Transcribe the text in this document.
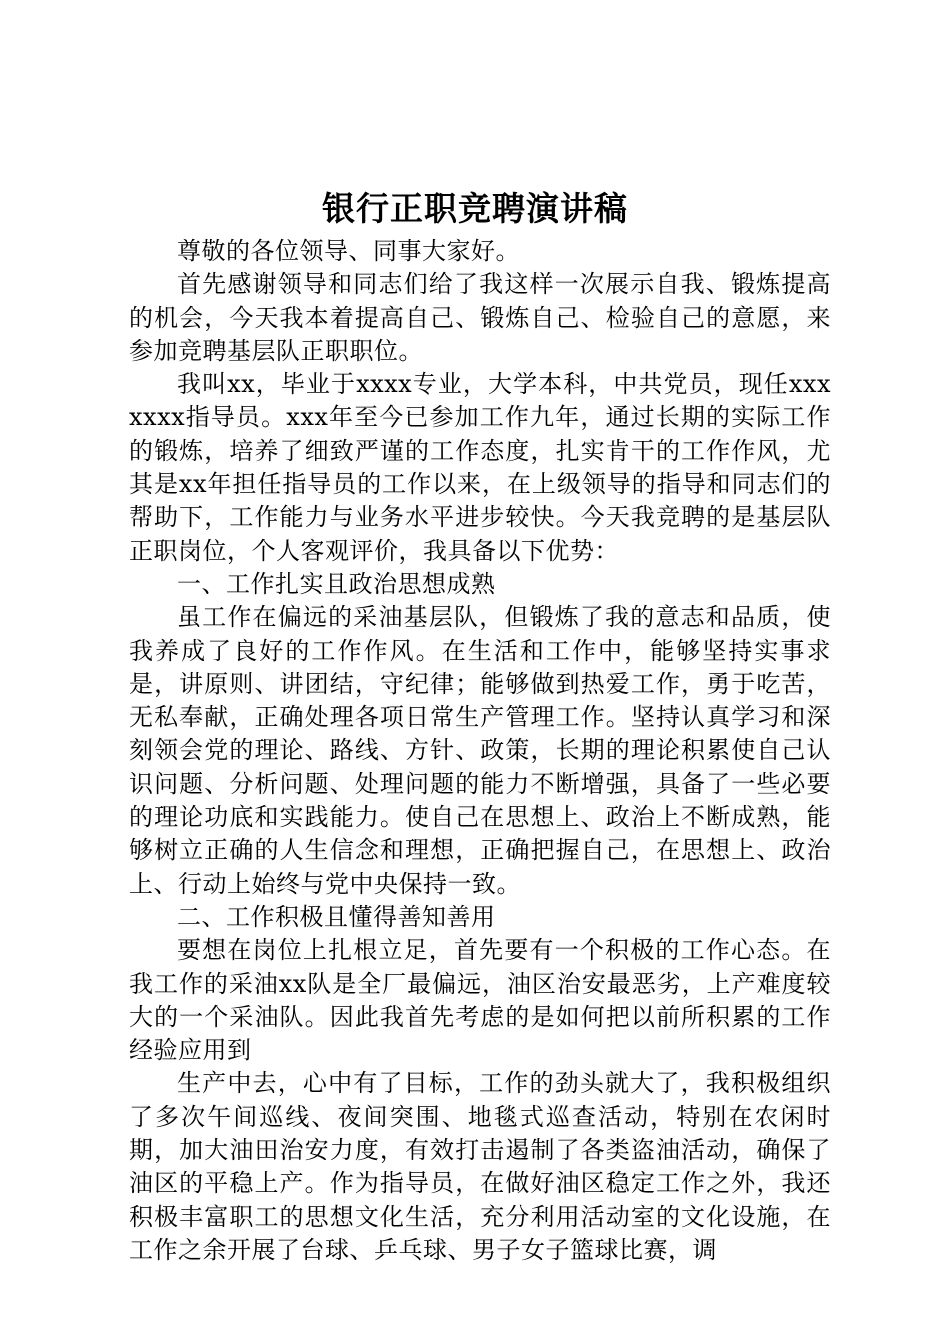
银行正职竞聘演讲稿

尊敬的各位领导、同事大家好。

首先感谢领导和同志们给了我这样一次展示自我、锻炼提高的机会，今天我本着提高自己、锻炼自己、检验自己的意愿，来参加竞聘基层队正职职位。

我叫xx，毕业于xxxx专业，大学本科，中共党员，现任xxxxxxx指导员。xxx年至今已参加工作九年，通过长期的实际工作的锻炼，培养了细致严谨的工作态度，扎实肯干的工作作风，尤其是xx年担任指导员的工作以来，在上级领导的指导和同志们的帮助下，工作能力与业务水平进步较快。今天我竞聘的是基层队正职岗位，个人客观评价，我具备以下优势：

一、工作扎实且政治思想成熟

虽工作在偏远的采油基层队，但锻炼了我的意志和品质，使我养成了良好的工作作风。在生活和工作中，能够坚持实事求是，讲原则、讲团结，守纪律；能够做到热爱工作，勇于吃苦，无私奉献，正确处理各项日常生产管理工作。坚持认真学习和深刻领会党的理论、路线、方针、政策，长期的理论积累使自己认识问题、分析问题、处理问题的能力不断增强，具备了一些必要的理论功底和实践能力。使自己在思想上、政治上不断成熟，能够树立正确的人生信念和理想，正确把握自己，在思想上、政治上、行动上始终与党中央保持一致。

二、工作积极且懂得善知善用

要想在岗位上扎根立足，首先要有一个积极的工作心态。在我工作的采油xx队是全厂最偏远，油区治安最恶劣，上产难度较大的一个采油队。因此我首先考虑的是如何把以前所积累的工作经验应用到

生产中去，心中有了目标，工作的劲头就大了，我积极组织了多次午间巡线、夜间突围、地毯式巡查活动，特别在农闲时期，加大油田治安力度，有效打击遏制了各类盗油活动，确保了油区的平稳上产。作为指导员，在做好油区稳定工作之外，我还积极丰富职工的思想文化生活，充分利用活动室的文化设施，在工作之余开展了台球、乒乓球、男子女子篮球比赛，调
